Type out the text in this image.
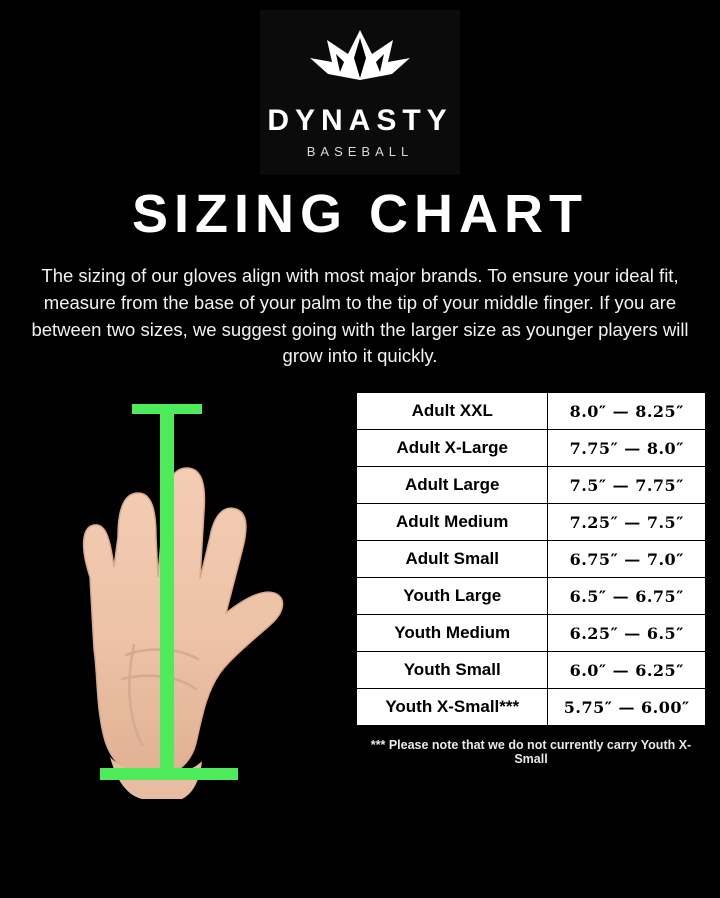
DYNASTY
BASEBALL
SIZING CHART

The sizing of our gloves align with most major brands. To ensure your ideal fit, measure from the base of your palm to the tip of your middle finger. If you are between two sizes, we suggest going with the larger size as younger players will grow into it quickly.

Adult XXL	8.0″ — 8.25″
Adult X-Large	7.75″ — 8.0″
Adult Large	7.5″ — 7.75″
Adult Medium	7.25″ — 7.5″
Adult Small	6.75″ — 7.0″
Youth Large	6.5″ — 6.75″
Youth Medium	6.25″ — 6.5″
Youth Small	6.0″ — 6.25″
Youth X-Small***	5.75″ — 6.00″
*** Please note that we do not currently carry Youth X-Small
